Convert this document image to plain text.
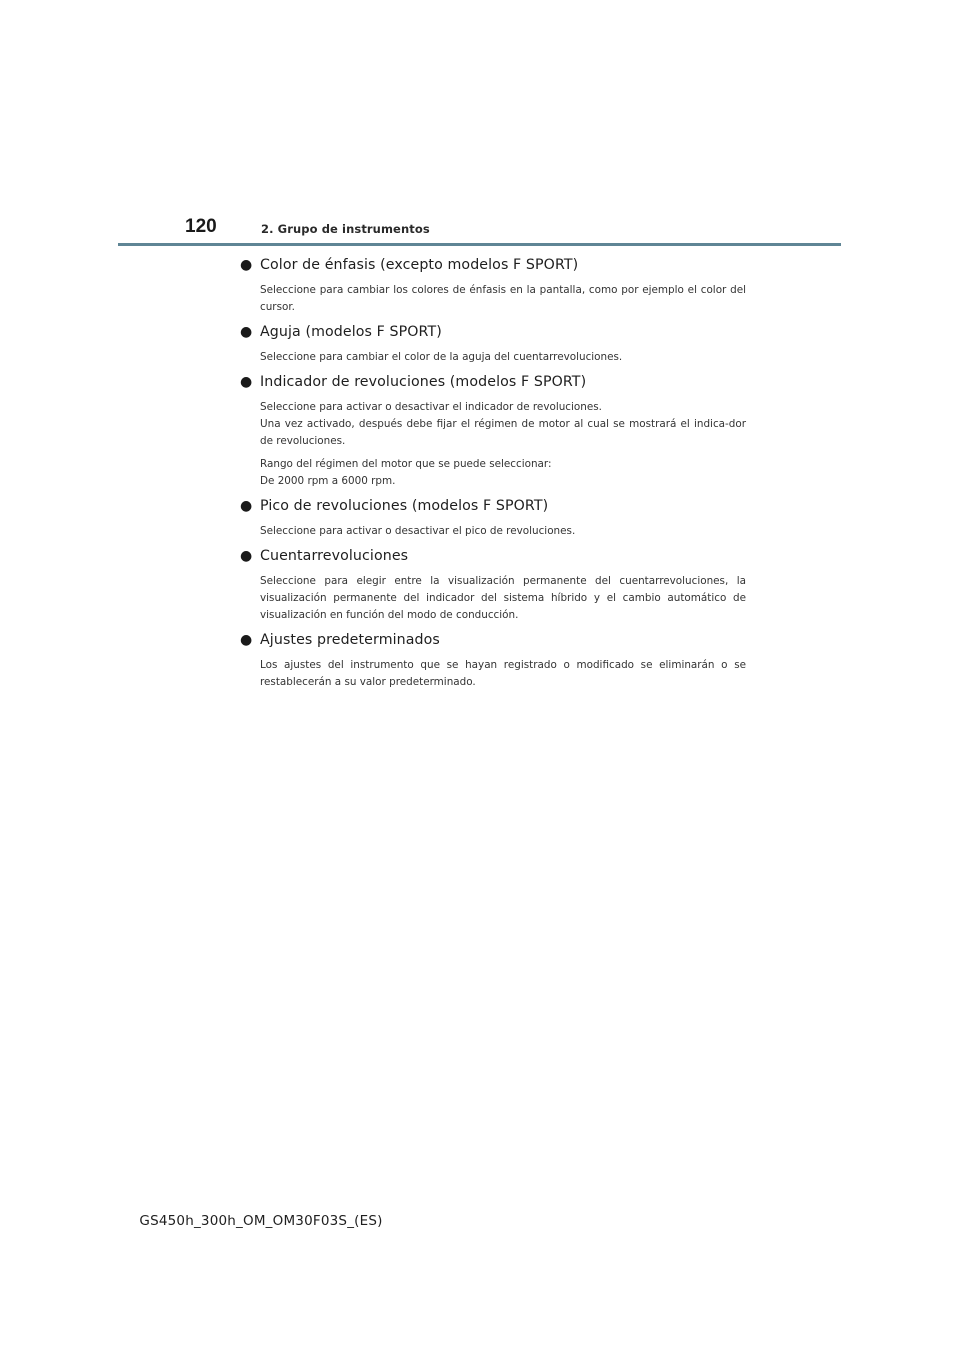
120	2. Grupo de instrumentos

● Color de énfasis (excepto modelos F SPORT)

Seleccione para cambiar los colores de énfasis en la pantalla, como por ejemplo el color del cursor.

● Aguja (modelos F SPORT)

Seleccione para cambiar el color de la aguja del cuentarrevoluciones.

● Indicador de revoluciones (modelos F SPORT)

Seleccione para activar o desactivar el indicador de revoluciones.

Una vez activado, después debe fijar el régimen de motor al cual se mostrará el indica-dor de revoluciones.

Rango del régimen del motor que se puede seleccionar:

De 2000 rpm a 6000 rpm.

● Pico de revoluciones (modelos F SPORT)

Seleccione para activar o desactivar el pico de revoluciones.

● Cuentarrevoluciones

Seleccione para elegir entre la visualización permanente del cuentarrevoluciones, la visualización permanente del indicador del sistema híbrido y el cambio automático de visualización en función del modo de conducción.

● Ajustes predeterminados

Los ajustes del instrumento que se hayan registrado o modificado se eliminarán o se restablecerán a su valor predeterminado.

GS450h_300h_OM_OM30F03S_(ES)
